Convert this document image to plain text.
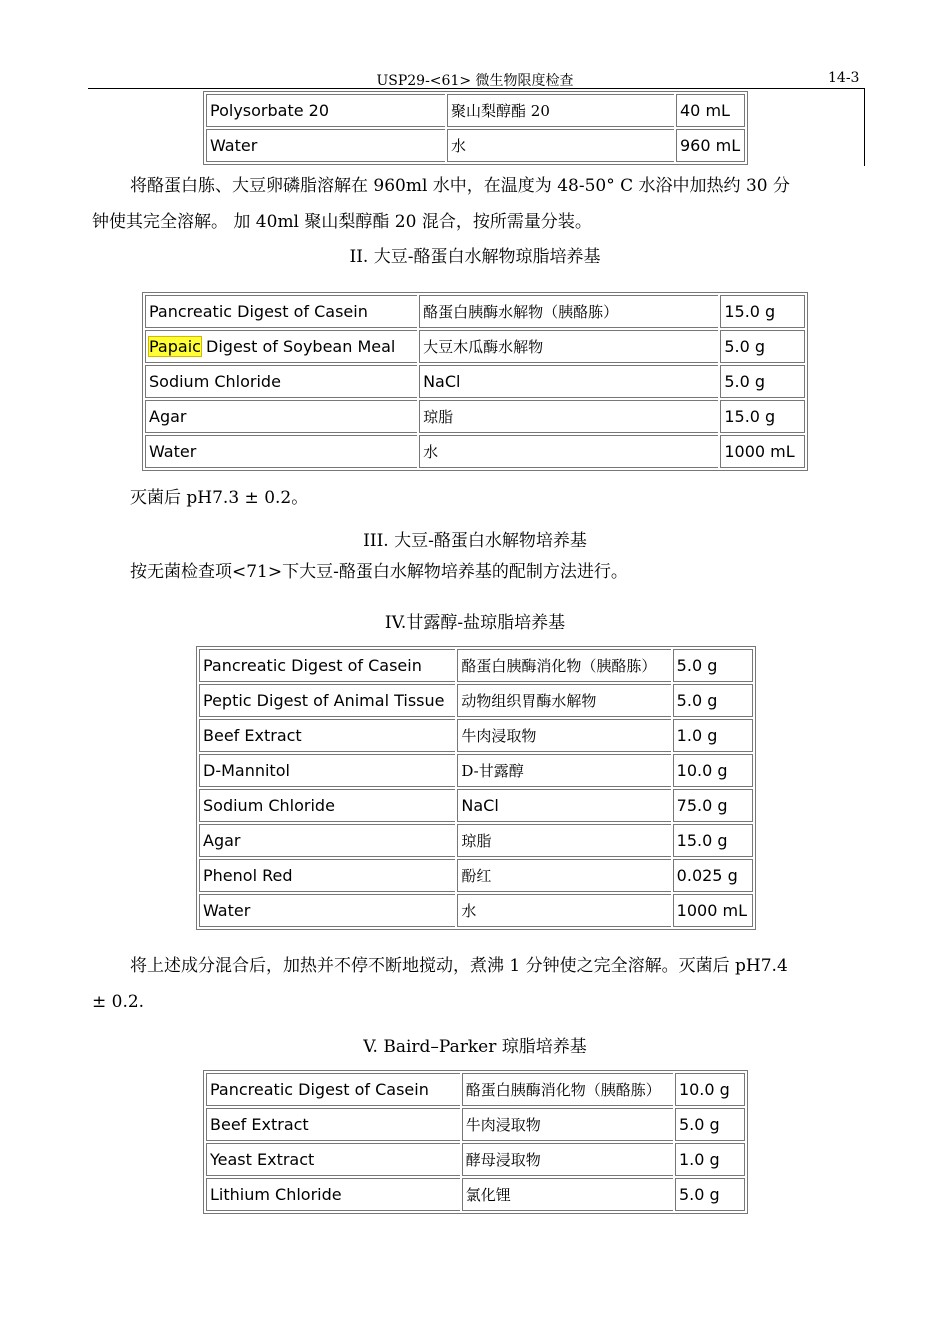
USP29-<61> 微生物限度检查	14-3
Polysorbate 20	聚山梨醇酯 20	40 mL
Water	水	960 mL
将酪蛋白胨、大豆卵磷脂溶解在 960ml 水中，在温度为 48-50° C 水浴中加热约 30 分
钟使其完全溶解。 加 40ml 聚山梨醇酯 20 混合，按所需量分装。
II. 大豆-酪蛋白水解物琼脂培养基
Pancreatic Digest of Casein	酪蛋白胰酶水解物（胰酪胨）	15.0 g
Papaic Digest of Soybean Meal	大豆木瓜酶水解物	5.0 g
Sodium Chloride	NaCl	5.0 g
Agar	琼脂	15.0 g
Water	水	1000 mL
灭菌后 pH7.3 ± 0.2。
III. 大豆-酪蛋白水解物培养基
按无菌检查项<71>下大豆-酪蛋白水解物培养基的配制方法进行。
IV.甘露醇-盐琼脂培养基
Pancreatic Digest of Casein	酪蛋白胰酶消化物（胰酪胨）	5.0 g
Peptic Digest of Animal Tissue	动物组织胃酶水解物	5.0 g
Beef Extract	牛肉浸取物	1.0 g
D-Mannitol	D-甘露醇	10.0 g
Sodium Chloride	NaCl	75.0 g
Agar	琼脂	15.0 g
Phenol Red	酚红	0.025 g
Water	水	1000 mL
将上述成分混合后，加热并不停不断地搅动，煮沸 1 分钟使之完全溶解。灭菌后 pH7.4
± 0.2.
V. Baird–Parker 琼脂培养基
Pancreatic Digest of Casein	酪蛋白胰酶消化物（胰酪胨）	10.0 g
Beef Extract	牛肉浸取物	5.0 g
Yeast Extract	酵母浸取物	1.0 g
Lithium Chloride	氯化锂	5.0 g
